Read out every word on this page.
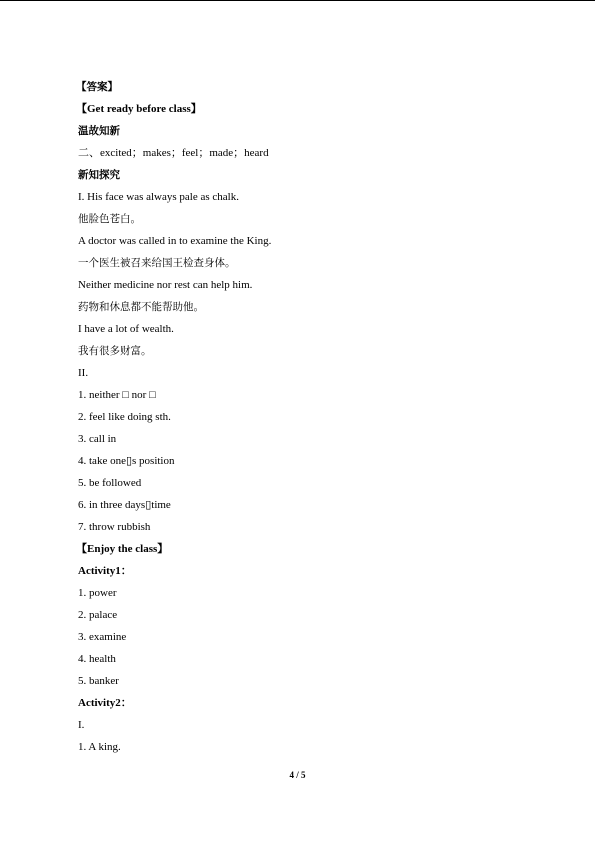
【答案】
【Get ready before class】
温故知新
二、excited；makes；feel；made；heard
新知探究
I. His face was always pale as chalk.
他脸色苍白。
A doctor was called in to examine the King.
一个医生被召来给国王检查身体。
Neither medicine nor rest can help him.
药物和休息都不能帮助他。
I have a lot of wealth.
我有很多财富。
II.
1. neither □ nor □
2. feel like doing sth.
3. call in
4. take one▯s position
5. be followed
6. in three days▯time
7. throw rubbish
【Enjoy the class】
Activity1：
1. power
2. palace
3. examine
4. health
5. banker
Activity2：
I.
1. A king.
4 / 5
